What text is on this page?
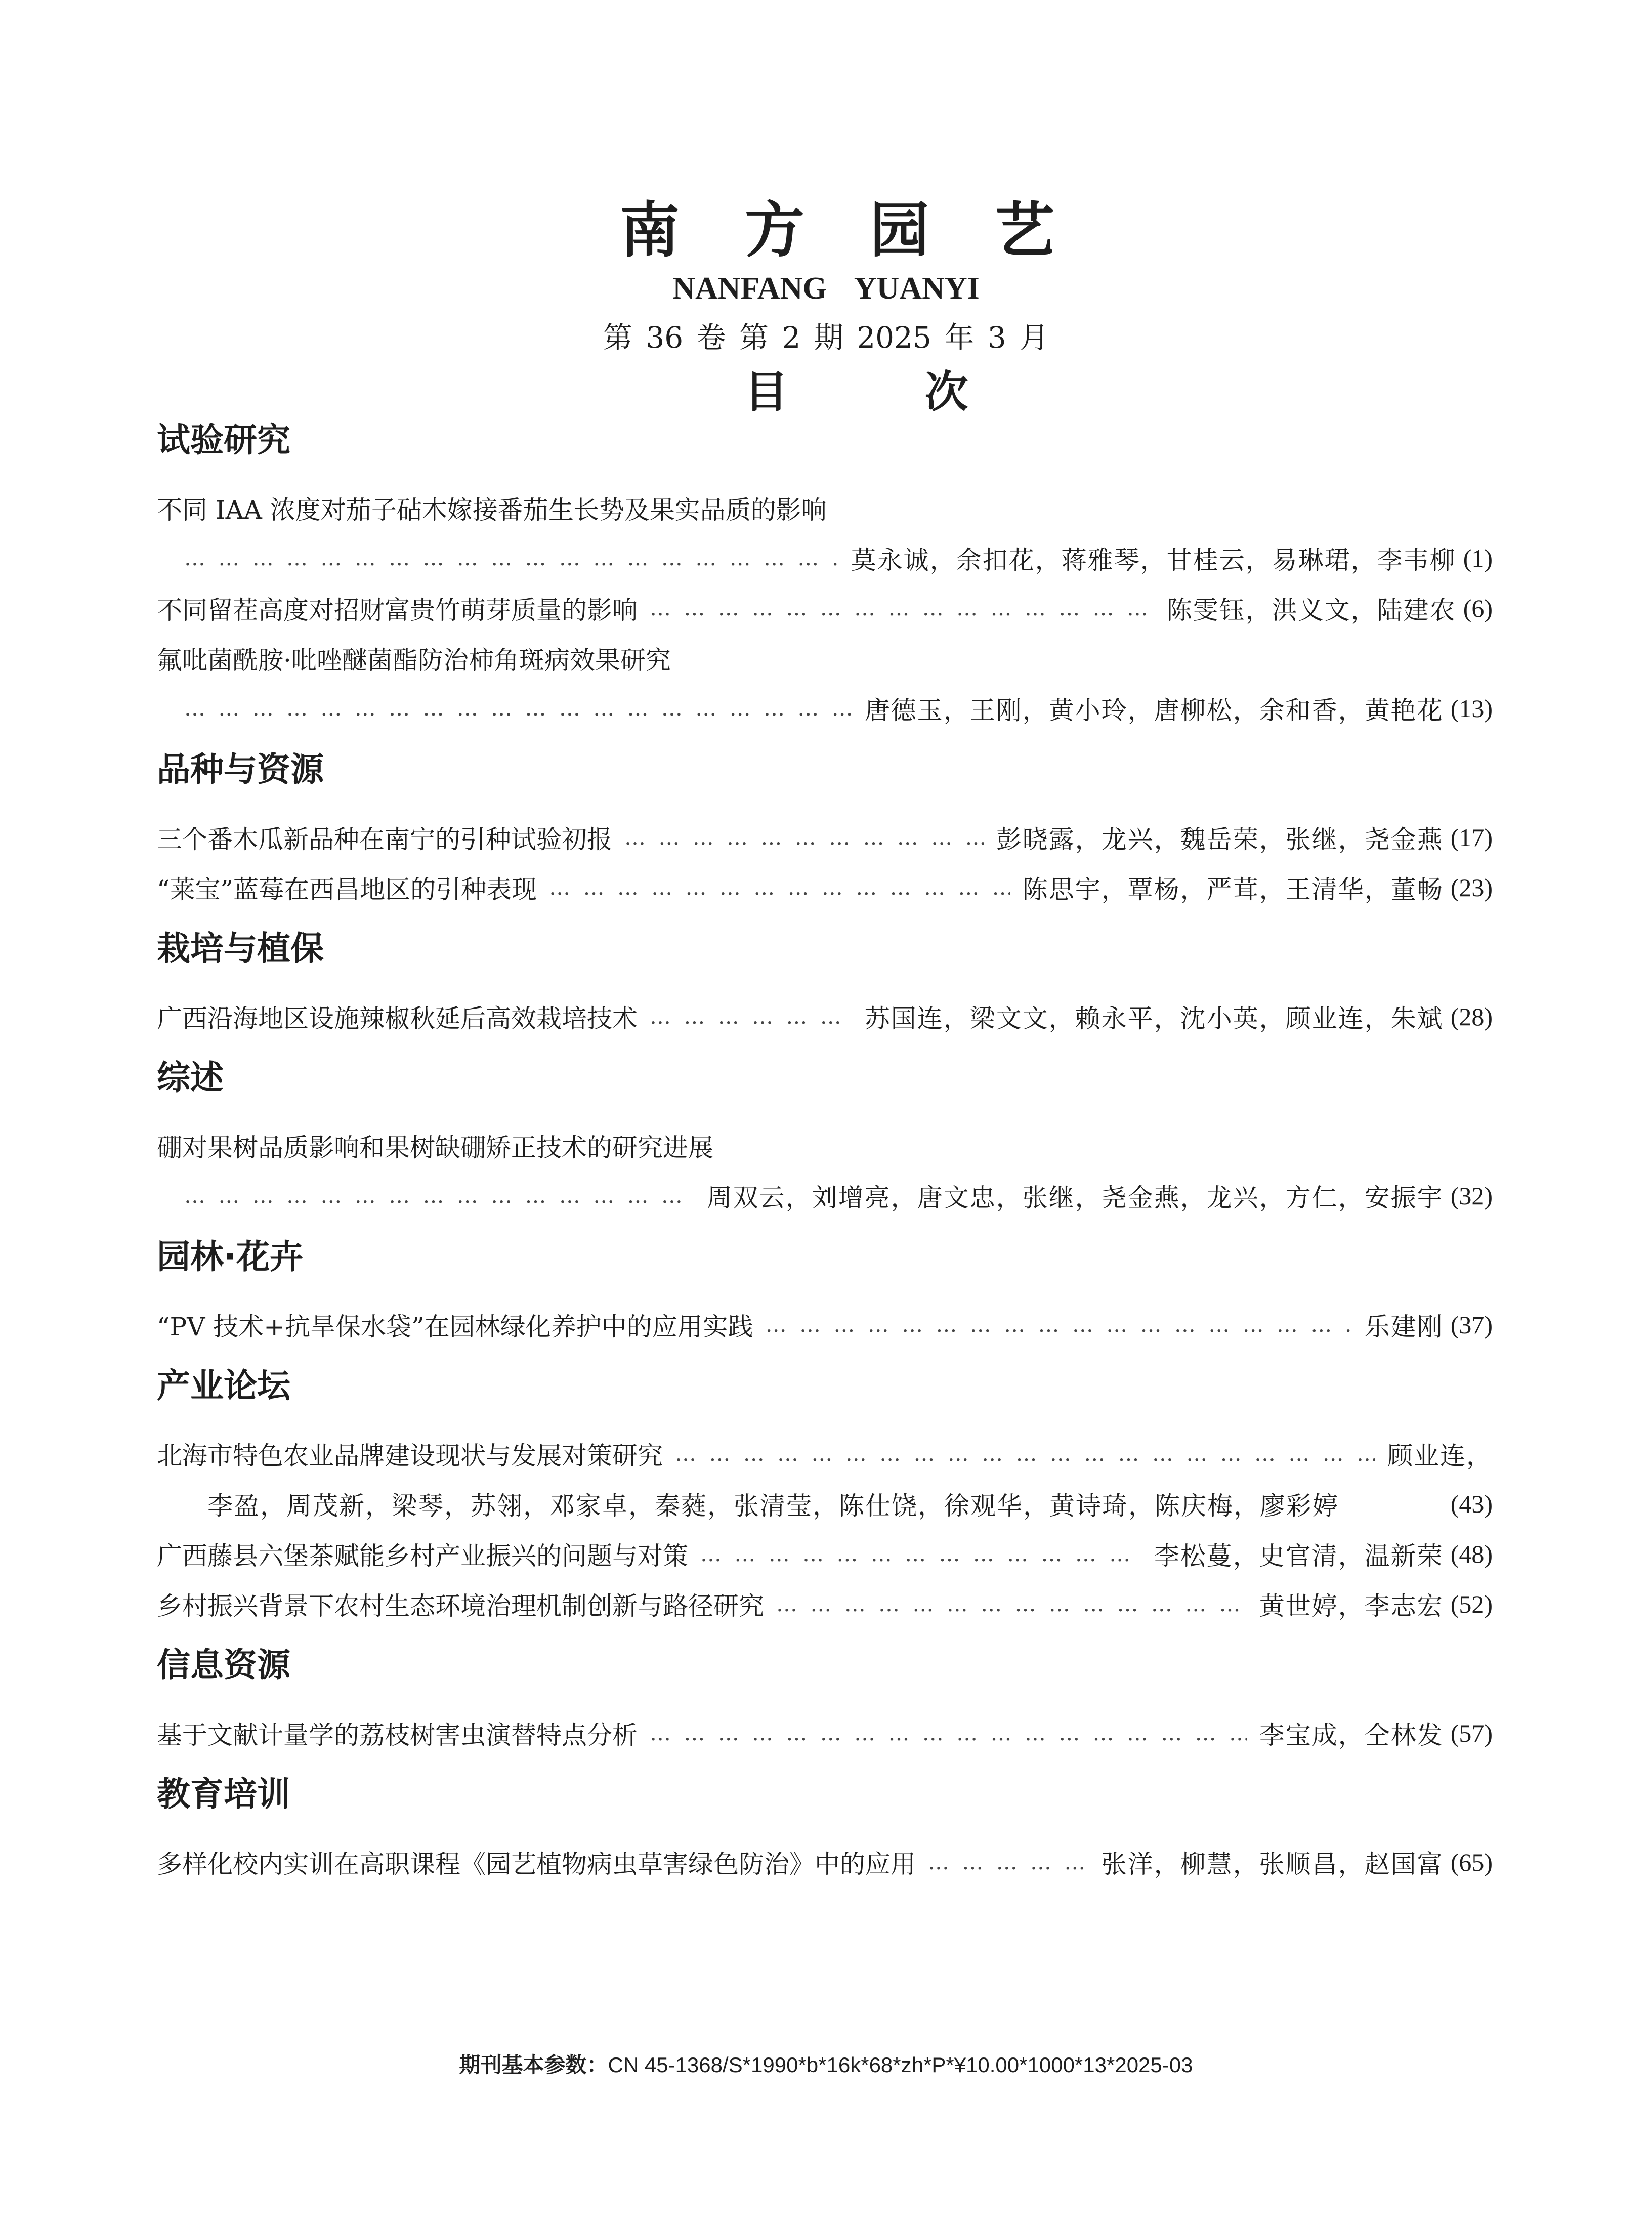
南 方 园 艺
NANFANG YUANYI
第 36 卷 第 2 期 2025 年 3 月
目 次
试验研究
不同 IAA 浓度对茄子砧木嫁接番茄生长势及果实品质的影响
… … … … … … … … … … … … … … … … … … … … … … … … … … … … … … … … … … … … … … … … … … … … … … … … … … … … … … … … … … … … … …
莫永诚，余扣花，蒋雅琴，甘桂云，易琳珺，李韦柳 (1)
不同留茬高度对招财富贵竹萌芽质量的影响 … … … … … … … … … … … … … … … … … … … … … … … … … … … … … … … … … … … … … … … … … … … … … … … … … … … … … … … … … … … … … …	陈雯钰，洪义文，陆建农 (6)
氟吡菌酰胺·吡唑醚菌酯防治柿角斑病效果研究
… … … … … … … … … … … … … … … … … … … … … … … … … … … … … … … … … … … … … … … … … … … … … … … … … … … … … … … … … … … … … …
唐德玉，王刚，黄小玲，唐柳松，余和香，黄艳花 (13)
品种与资源
三个番木瓜新品种在南宁的引种试验初报 … … … … … … … … … … … … … … … … … … … … … … … … … … … … … … … … … … … … … … … … … … … … … … … … … … … … … … … … … … … … … …	彭晓露，龙兴，魏岳荣，张继，尧金燕 (17)
“莱宝”蓝莓在西昌地区的引种表现 … … … … … … … … … … … … … … … … … … … … … … … … … … … … … … … … … … … … … … … … … … … … … … … … … … … … … … … … … … … … … …	陈思宇，覃杨，严茸，王清华，董畅 (23)
栽培与植保
广西沿海地区设施辣椒秋延后高效栽培技术 … … … … … … … … … … … … … … … … … … … … … … … … … … … … … … … … … … … … … … … … … … … … … … … … … … … … … … … … … … … … … …	苏国连，梁文文，赖永平，沈小英，顾业连，朱斌 (28)
综述
硼对果树品质影响和果树缺硼矫正技术的研究进展
… … … … … … … … … … … … … … … … … … … … … … … … … … … … … … … … … … … … … … … … … … … … … … … … … … … … … … … … … … … … … …
周双云，刘增亮，唐文忠，张继，尧金燕，龙兴，方仁，安振宇 (32)
园林·花卉
“PV 技术+抗旱保水袋”在园林绿化养护中的应用实践 … … … … … … … … … … … … … … … … … … … … … … … … … … … … … … … … … … … … … … … … … … … … … … … … … … … … … … … … … … … … … …	乐建刚 (37)
产业论坛
北海市特色农业品牌建设现状与发展对策研究 … … … … … … … … … … … … … … … … … … … … … … … … … … … … … … … … … … … … … … … … … … … … … … … … … … … … … … … … … … … … … …	顾业连，
李盈，周茂新，梁琴，苏翎，邓家卓，秦蕤，张清莹，陈仕饶，徐观华，黄诗琦，陈庆梅，廖彩婷	(43)
广西藤县六堡茶赋能乡村产业振兴的问题与对策 … … … … … … … … … … … … … … … … … … … … … … … … … … … … … … … … … … … … … … … … … … … … … … … … … … … … … … … … … … … … … …	李松蔓，史官清，温新荣 (48)
乡村振兴背景下农村生态环境治理机制创新与路径研究 … … … … … … … … … … … … … … … … … … … … … … … … … … … … … … … … … … … … … … … … … … … … … … … … … … … … … … … … … … … … … …	黄世婷，李志宏 (52)
信息资源
基于文献计量学的荔枝树害虫演替特点分析 … … … … … … … … … … … … … … … … … … … … … … … … … … … … … … … … … … … … … … … … … … … … … … … … … … … … … … … … … … … … … …	李宝成，仝林发 (57)
教育培训
多样化校内实训在高职课程《园艺植物病虫草害绿色防治》中的应用 … … … … … … … … … … … … … … … … … … … … … … … … … … … … … … … … … … … … … … … … … … … … … … … … … … … … … … … … … … … … … …	张洋，柳慧，张顺昌，赵国富 (65)
期刊基本参数：CN 45-1368/S*1990*b*16k*68*zh*P*¥10.00*1000*13*2025-03
